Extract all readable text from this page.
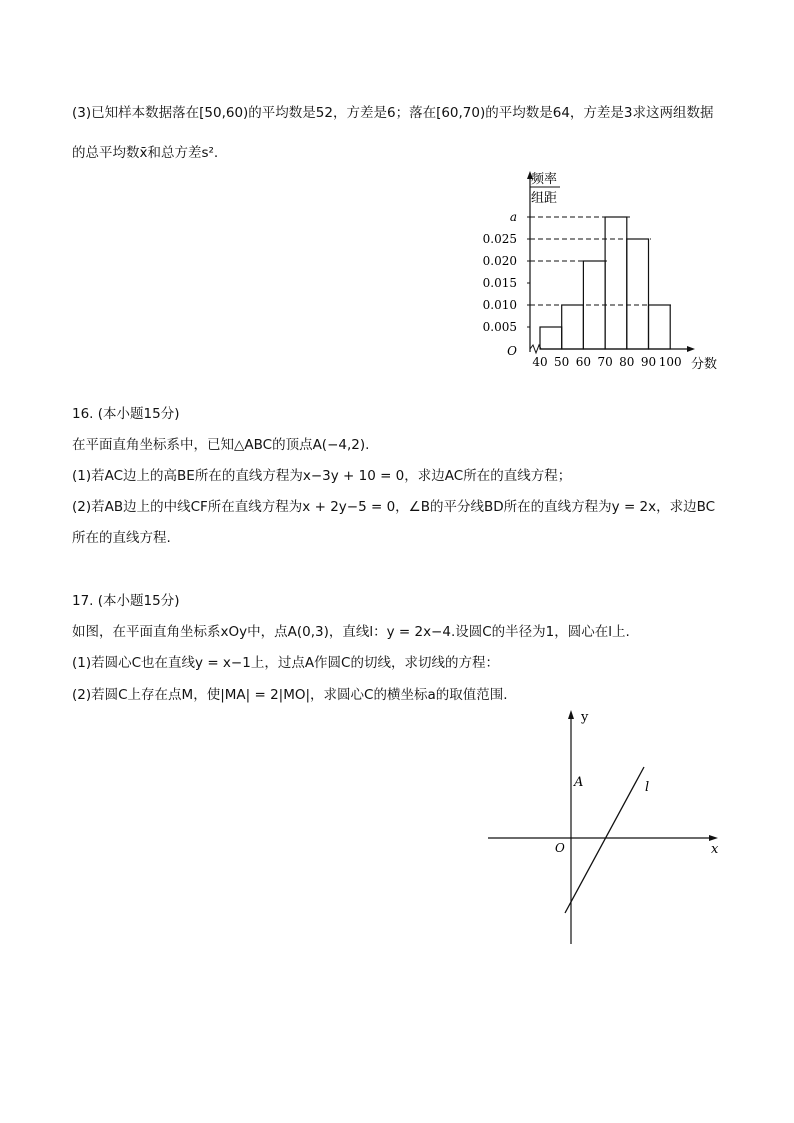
(3)已知样本数据落在[50,60)的平均数是52，方差是6；落在[60,70)的平均数是64，方差是3求这两组数据
的总平均数x̄和总方差s².
频率
组距
分数
O
40 50 60 70 80 90 100
0.005
0.010
0.015
0.020
0.025
a
16. (本小题15分)
在平面直角坐标系中，已知△ABC的顶点A(−4,2).
(1)若AC边上的高BE所在的直线方程为x−3y + 10 = 0，求边AC所在的直线方程；
(2)若AB边上的中线CF所在直线方程为x + 2y−5 = 0，∠B的平分线BD所在的直线方程为y = 2x，求边BC
所在的直线方程.
17. (本小题15分)
如图，在平面直角坐标系xOy中，点A(0,3)，直线l：y = 2x−4.设圆C的半径为1，圆心在l上.
(1)若圆心C也在直线y = x−1上，过点A作圆C的切线，求切线的方程：
(2)若圆C上存在点M，使|MA| = 2|MO|，求圆心C的横坐标a的取值范围.
y
x
O
A	l
